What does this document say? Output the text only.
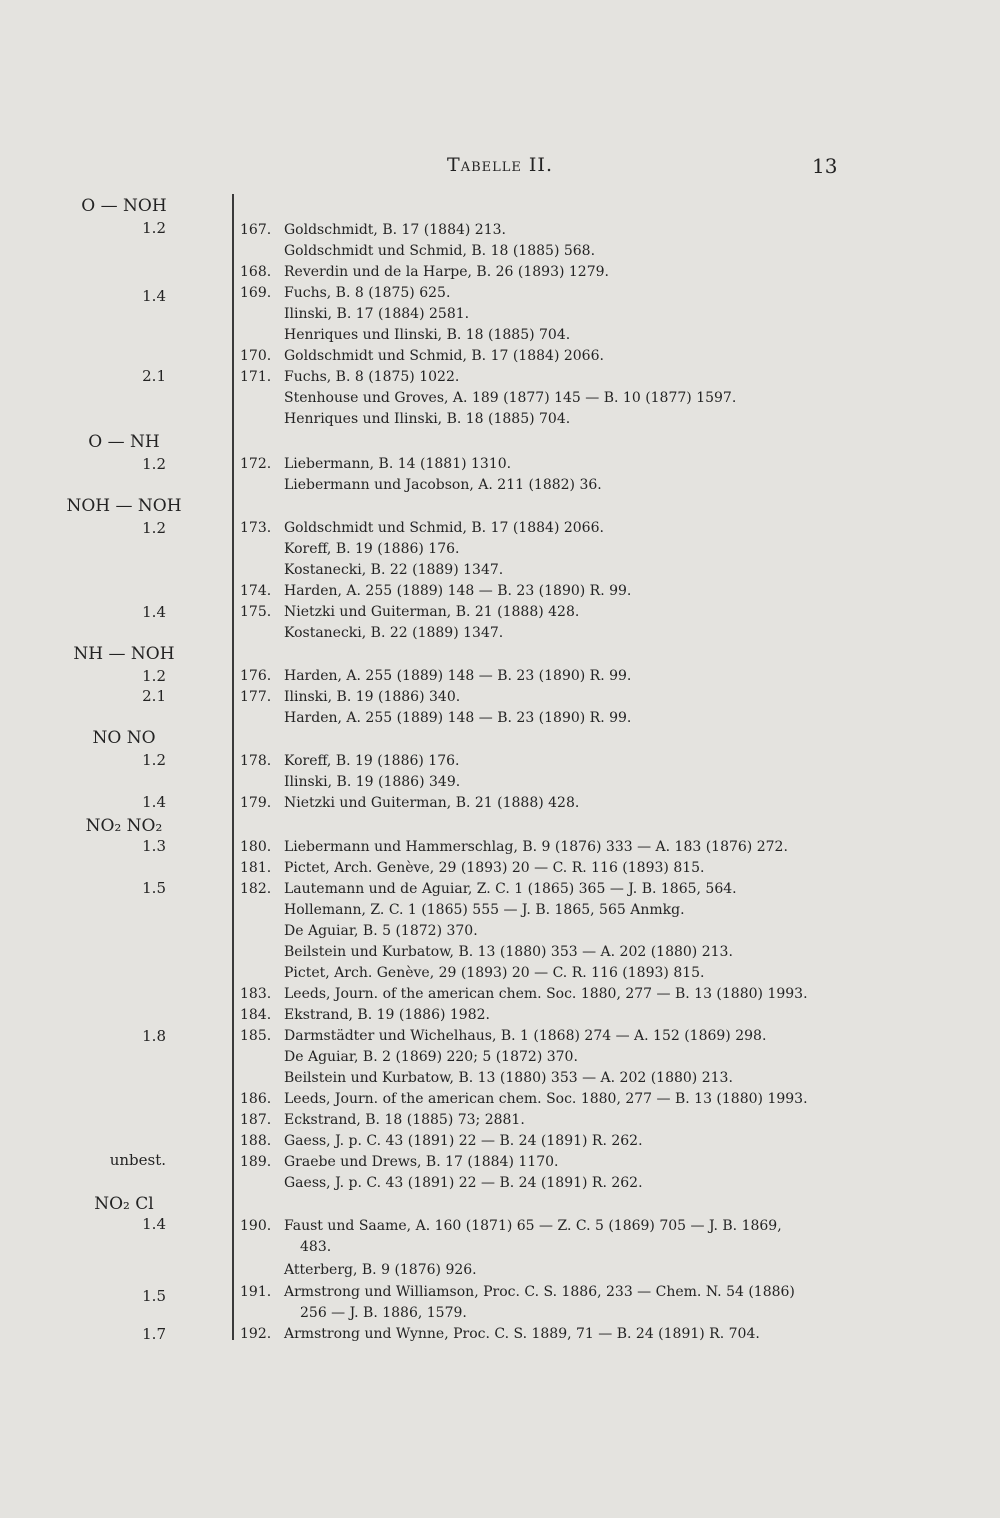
Tabelle II.	13
O — NOH
1.2
1.4
2.1
O — NH
1.2
NOH — NOH
1.2
1.4
NH — NOH
1.2
2.1
NO NO
1.2
1.4
NO₂ NO₂
1.3
1.5
1.8
unbest.
NO₂ Cl
1.4
1.5
1.7
167. Goldschmidt, B. 17 (1884) 213.
Goldschmidt und Schmid, B. 18 (1885) 568.
168. Reverdin und de la Harpe, B. 26 (1893) 1279.
169. Fuchs, B. 8 (1875) 625.
Ilinski, B. 17 (1884) 2581.
Henriques und Ilinski, B. 18 (1885) 704.
170. Goldschmidt und Schmid, B. 17 (1884) 2066.
171. Fuchs, B. 8 (1875) 1022.
Stenhouse und Groves, A. 189 (1877) 145 — B. 10 (1877) 1597.
Henriques und Ilinski, B. 18 (1885) 704.
172. Liebermann, B. 14 (1881) 1310.
Liebermann und Jacobson, A. 211 (1882) 36.
173. Goldschmidt und Schmid, B. 17 (1884) 2066.
Koreff, B. 19 (1886) 176.
Kostanecki, B. 22 (1889) 1347.
174. Harden, A. 255 (1889) 148 — B. 23 (1890) R. 99.
175. Nietzki und Guiterman, B. 21 (1888) 428.
Kostanecki, B. 22 (1889) 1347.
176. Harden, A. 255 (1889) 148 — B. 23 (1890) R. 99.
177. Ilinski, B. 19 (1886) 340.
Harden, A. 255 (1889) 148 — B. 23 (1890) R. 99.
178. Koreff, B. 19 (1886) 176.
Ilinski, B. 19 (1886) 349.
179. Nietzki und Guiterman, B. 21 (1888) 428.
180. Liebermann und Hammerschlag, B. 9 (1876) 333 — A. 183 (1876) 272.
181. Pictet, Arch. Genève, 29 (1893) 20 — C. R. 116 (1893) 815.
182. Lautemann und de Aguiar, Z. C. 1 (1865) 365 — J. B. 1865, 564.
Hollemann, Z. C. 1 (1865) 555 — J. B. 1865, 565 Anmkg.
De Aguiar, B. 5 (1872) 370.
Beilstein und Kurbatow, B. 13 (1880) 353 — A. 202 (1880) 213.
Pictet, Arch. Genève, 29 (1893) 20 — C. R. 116 (1893) 815.
183. Leeds, Journ. of the american chem. Soc. 1880, 277 — B. 13 (1880) 1993.
184. Ekstrand, B. 19 (1886) 1982.
185. Darmstädter und Wichelhaus, B. 1 (1868) 274 — A. 152 (1869) 298.
De Aguiar, B. 2 (1869) 220; 5 (1872) 370.
Beilstein und Kurbatow, B. 13 (1880) 353 — A. 202 (1880) 213.
186. Leeds, Journ. of the american chem. Soc. 1880, 277 — B. 13 (1880) 1993.
187. Eckstrand, B. 18 (1885) 73; 2881.
188. Gaess, J. p. C. 43 (1891) 22 — B. 24 (1891) R. 262.
189. Graebe und Drews, B. 17 (1884) 1170.
Gaess, J. p. C. 43 (1891) 22 — B. 24 (1891) R. 262.
190. Faust und Saame, A. 160 (1871) 65 — Z. C. 5 (1869) 705 — J. B. 1869,
483.
Atterberg, B. 9 (1876) 926.
191. Armstrong und Williamson, Proc. C. S. 1886, 233 — Chem. N. 54 (1886)
256 — J. B. 1886, 1579.
192. Armstrong und Wynne, Proc. C. S. 1889, 71 — B. 24 (1891) R. 704.
